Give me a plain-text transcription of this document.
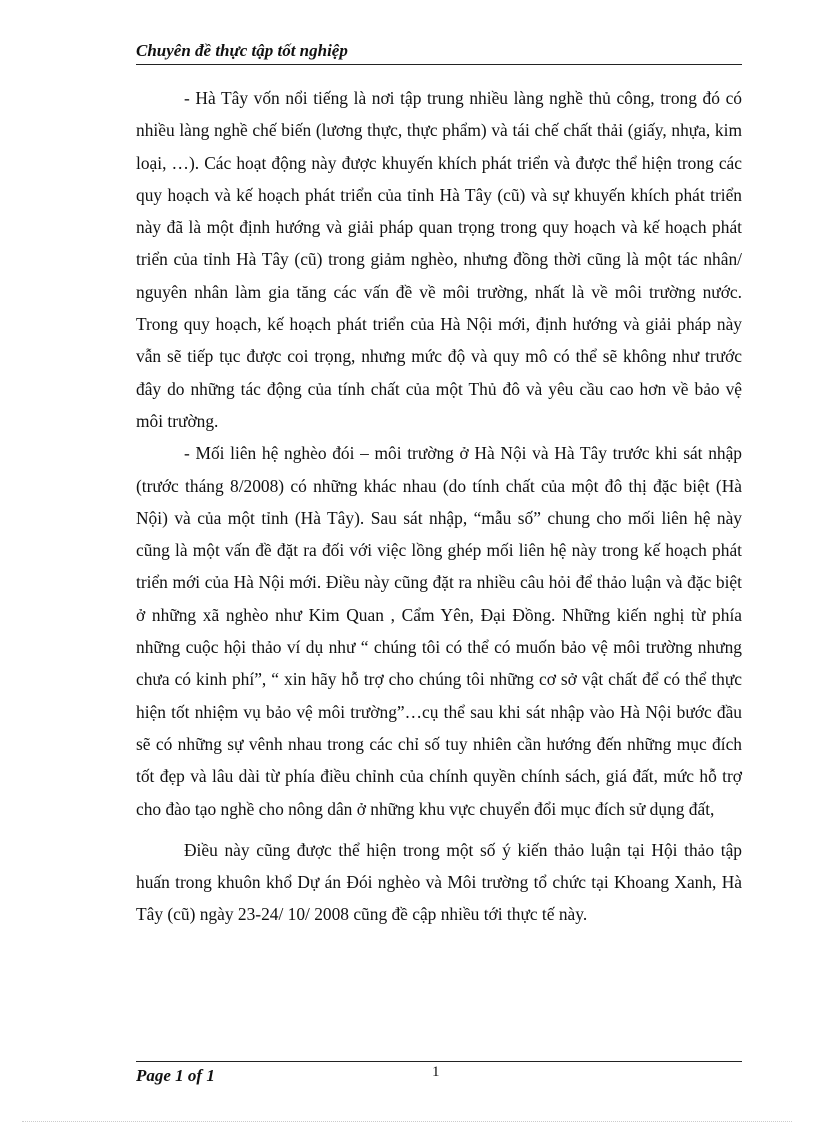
Chuyên đề thực tập tốt nghiệp

- Hà Tây vốn nổi tiếng là nơi tập trung nhiều làng nghề thủ công, trong đó có nhiều làng nghề chế biến (lương thực, thực phẩm) và tái chế chất thải (giấy, nhựa, kim loại, …). Các hoạt động này được khuyến khích phát triển và được thể hiện trong các quy hoạch và kế hoạch phát triển của tỉnh Hà Tây (cũ) và sự khuyến khích phát triển này đã là một định hướng và giải pháp quan trọng trong quy hoạch và kế hoạch phát triển của tỉnh Hà Tây (cũ) trong giảm nghèo, nhưng đồng thời cũng là một tác nhân/ nguyên nhân làm gia tăng các vấn đề về môi trường, nhất là về môi trường nước. Trong quy hoạch, kế hoạch phát triển của Hà Nội mới, định hướng và giải pháp này vẫn sẽ tiếp tục được coi trọng, nhưng mức độ và quy mô có thể sẽ không như trước đây do những tác động của tính chất của một Thủ đô và yêu cầu cao hơn về bảo vệ môi trường.

- Mối liên hệ nghèo đói – môi trường ở Hà Nội và Hà Tây trước khi sát nhập (trước tháng 8/2008) có những khác nhau (do tính chất của một đô thị đặc biệt (Hà Nội) và của một tỉnh (Hà Tây). Sau sát nhập, “mẫu số” chung cho mối liên hệ này cũng là một vấn đề đặt ra đối với việc lồng ghép mối liên hệ này trong kế hoạch phát triển mới của Hà Nội mới. Điều này cũng đặt ra nhiều câu hỏi để thảo luận và đặc biệt ở những xã nghèo như Kim Quan , Cẩm Yên, Đại Đồng. Những kiến nghị từ phía những cuộc hội thảo ví dụ như “ chúng tôi có thể có muốn bảo vệ môi trường nhưng chưa có kinh phí”, “ xin hãy hỗ trợ cho chúng tôi những cơ sở vật chất để có thể thực hiện tốt nhiệm vụ bảo vệ môi trường”…cụ thể sau khi sát nhập vào Hà Nội bước đầu sẽ có những sự vênh nhau trong các chỉ số tuy nhiên cần hướng đến những mục đích tốt đẹp và lâu dài từ phía điều chỉnh của chính quyền chính sách, giá đất, mức hỗ trợ cho đào tạo nghề cho nông dân ở những khu vực chuyển đổi mục đích sử dụng đất,

Điều này cũng được thể hiện trong một số ý kiến thảo luận tại Hội thảo tập huấn trong khuôn khổ Dự án Đói nghèo và Môi trường tổ chức tại Khoang Xanh, Hà Tây (cũ) ngày 23-24/ 10/ 2008 cũng đề cập nhiều tới thực tế này.

Page 1 of 1	1
